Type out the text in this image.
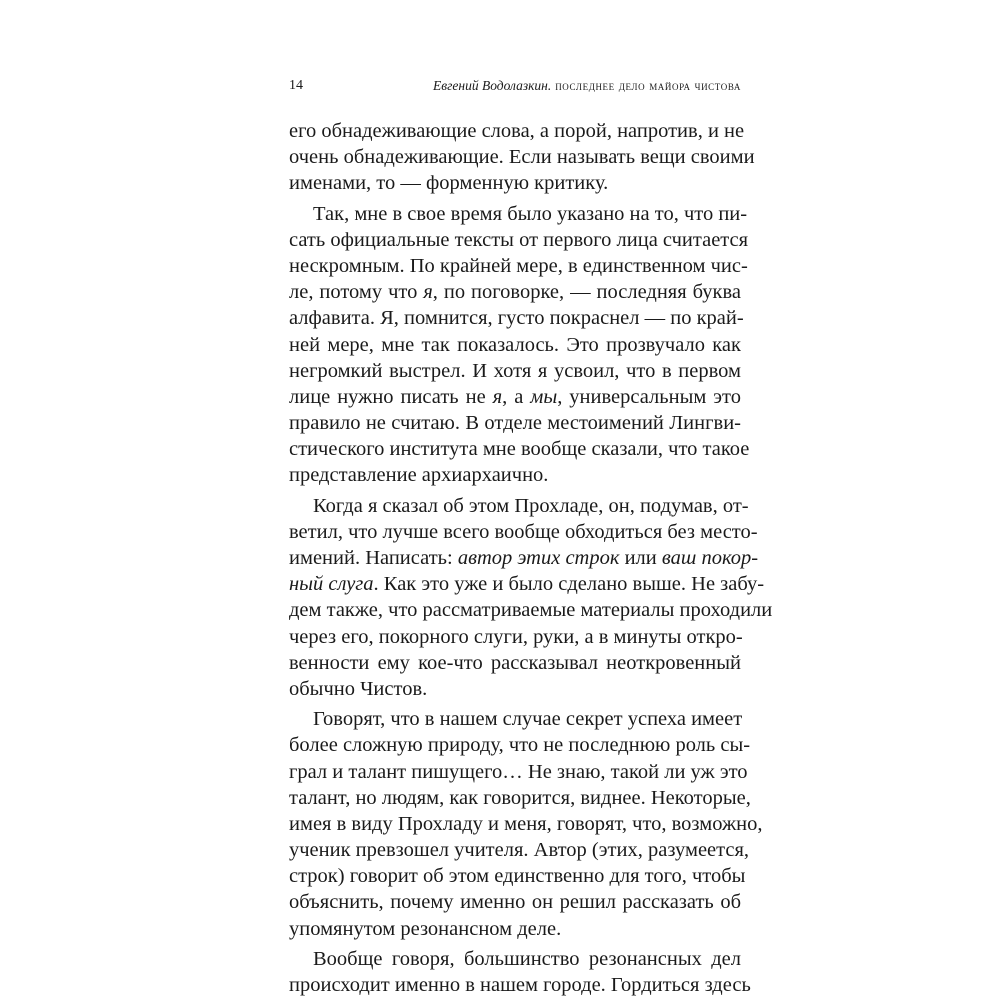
14	Евгений Водолазкин. последнее дело майора чистова
его обнадеживающие слова, а порой, напротив, и не
очень обнадеживающие. Если называть вещи своими
именами, то — форменную критику.
Так, мне в свое время было указано на то, что пи-
сать официальные тексты от первого лица считается
нескромным. По крайней мере, в единственном чис-
ле, потому что я, по поговорке, — последняя буква
алфавита. Я, помнится, густо покраснел — по край-
ней мере, мне так показалось. Это прозвучало как
негромкий выстрел. И хотя я усвоил, что в первом
лице нужно писать не я, а мы, универсальным это
правило не считаю. В отделе местоимений Лингви-
стического института мне вообще сказали, что такое
представление архиархаично.
Когда я сказал об этом Прохладе, он, подумав, от-
ветил, что лучше всего вообще обходиться без место-
имений. Написать: автор этих строк или ваш покор-
ный слуга. Как это уже и было сделано выше. Не забу-
дем также, что рассматриваемые материалы проходили
через его, покорного слуги, руки, а в минуты откро-
венности ему кое-что рассказывал неоткровенный
обычно Чистов.
Говорят, что в нашем случае секрет успеха имеет
более сложную природу, что не последнюю роль сы-
грал и талант пишущего… Не знаю, такой ли уж это
талант, но людям, как говорится, виднее. Некоторые,
имея в виду Прохладу и меня, говорят, что, возможно,
ученик превзошел учителя. Автор (этих, разумеется,
строк) говорит об этом единственно для того, чтобы
объяснить, почему именно он решил рассказать об
упомянутом резонансном деле.
Вообще говоря, большинство резонансных дел
происходит именно в нашем городе. Гордиться здесь
